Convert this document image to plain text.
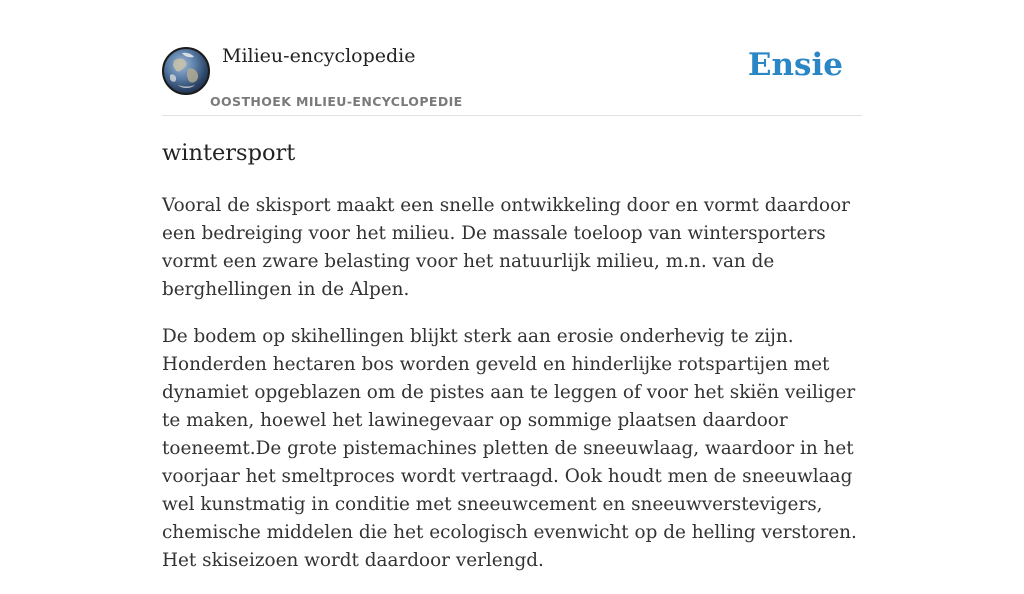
Milieu-encyclopedie
OOSTHOEK MILIEU-ENCYCLOPEDIE
Ensie
wintersport

Vooral de skisport maakt een snelle ontwikkeling door en vormt daardoor een bedreiging voor het milieu. De massale toeloop van wintersporters vormt een zware belasting voor het natuurlijk milieu, m.n. van de berghellingen in de Alpen.

De bodem op skihellingen blijkt sterk aan erosie onderhevig te zijn. Honderden hectaren bos worden geveld en hinderlijke rotspartijen met dynamiet opgeblazen om de pistes aan te leggen of voor het skiën veiliger te maken, hoewel het lawinegevaar op sommige plaatsen daardoor toeneemt.De grote pistemachines pletten de sneeuwlaag, waardoor in het voorjaar het smeltproces wordt vertraagd. Ook houdt men de sneeuwlaag wel kunstmatig in conditie met sneeuwcement en sneeuwverstevigers, chemische middelen die het ecologisch evenwicht op de helling verstoren. Het skiseizoen wordt daardoor verlengd.
